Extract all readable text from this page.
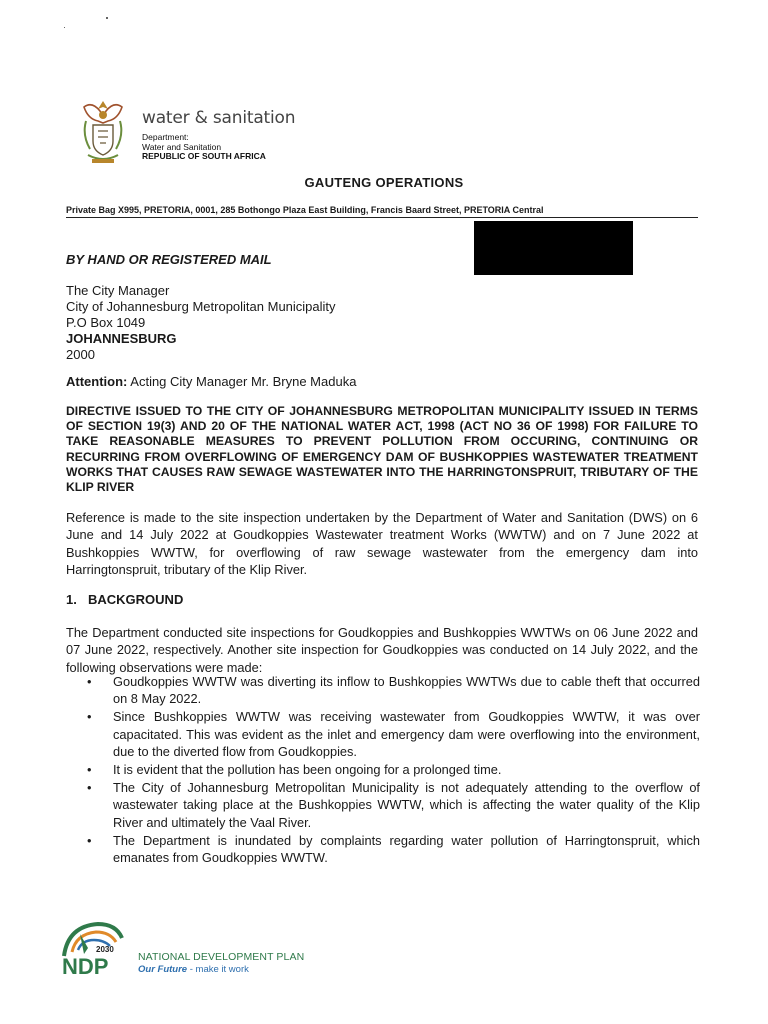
water & sanitation
Department:
Water and Sanitation
REPUBLIC OF SOUTH AFRICA
GAUTENG OPERATIONS
Private Bag X995, PRETORIA, 0001, 285 Bothongo Plaza East Building, Francis Baard Street, PRETORIA Central
BY HAND OR REGISTERED MAIL
The City Manager
City of Johannesburg Metropolitan Municipality
P.O Box 1049
JOHANNESBURG
2000
Attention: Acting City Manager Mr. Bryne Maduka
DIRECTIVE ISSUED TO THE CITY OF JOHANNESBURG METROPOLITAN MUNICIPALITY ISSUED IN TERMS OF SECTION 19(3) AND 20 OF THE NATIONAL WATER ACT, 1998 (ACT NO 36 OF 1998) FOR FAILURE TO TAKE REASONABLE MEASURES TO PREVENT POLLUTION FROM OCCURING, CONTINUING OR RECURRING FROM OVERFLOWING OF EMERGENCY DAM OF BUSHKOPPIES WASTEWATER TREATMENT WORKS THAT CAUSES RAW SEWAGE WASTEWATER INTO THE HARRINGTONSPRUIT, TRIBUTARY OF THE KLIP RIVER
Reference is made to the site inspection undertaken by the Department of Water and Sanitation (DWS) on 6 June and 14 July 2022 at Goudkoppies Wastewater treatment Works (WWTW) and on 7 June 2022 at Bushkoppies WWTW, for overflowing of raw sewage wastewater from the emergency dam into Harringtonspruit, tributary of the Klip River.
1. BACKGROUND
The Department conducted site inspections for Goudkoppies and Bushkoppies WWTWs on 06 June 2022 and 07 June 2022, respectively. Another site inspection for Goudkoppies was conducted on 14 July 2022, and the following observations were made:
• Goudkoppies WWTW was diverting its inflow to Bushkoppies WWTWs due to cable theft that occurred on 8 May 2022.
• Since Bushkoppies WWTW was receiving wastewater from Goudkoppies WWTW, it was over capacitated. This was evident as the inlet and emergency dam were overflowing into the environment, due to the diverted flow from Goudkoppies.
• It is evident that the pollution has been ongoing for a prolonged time.
• The City of Johannesburg Metropolitan Municipality is not adequately attending to the overflow of wastewater taking place at the Bushkoppies WWTW, which is affecting the water quality of the Klip River and ultimately the Vaal River.
• The Department is inundated by complaints regarding water pollution of Harringtonspruit, which emanates from Goudkoppies WWTW.
2030
NDP	NATIONAL DEVELOPMENT PLAN
Our Future - make it work
